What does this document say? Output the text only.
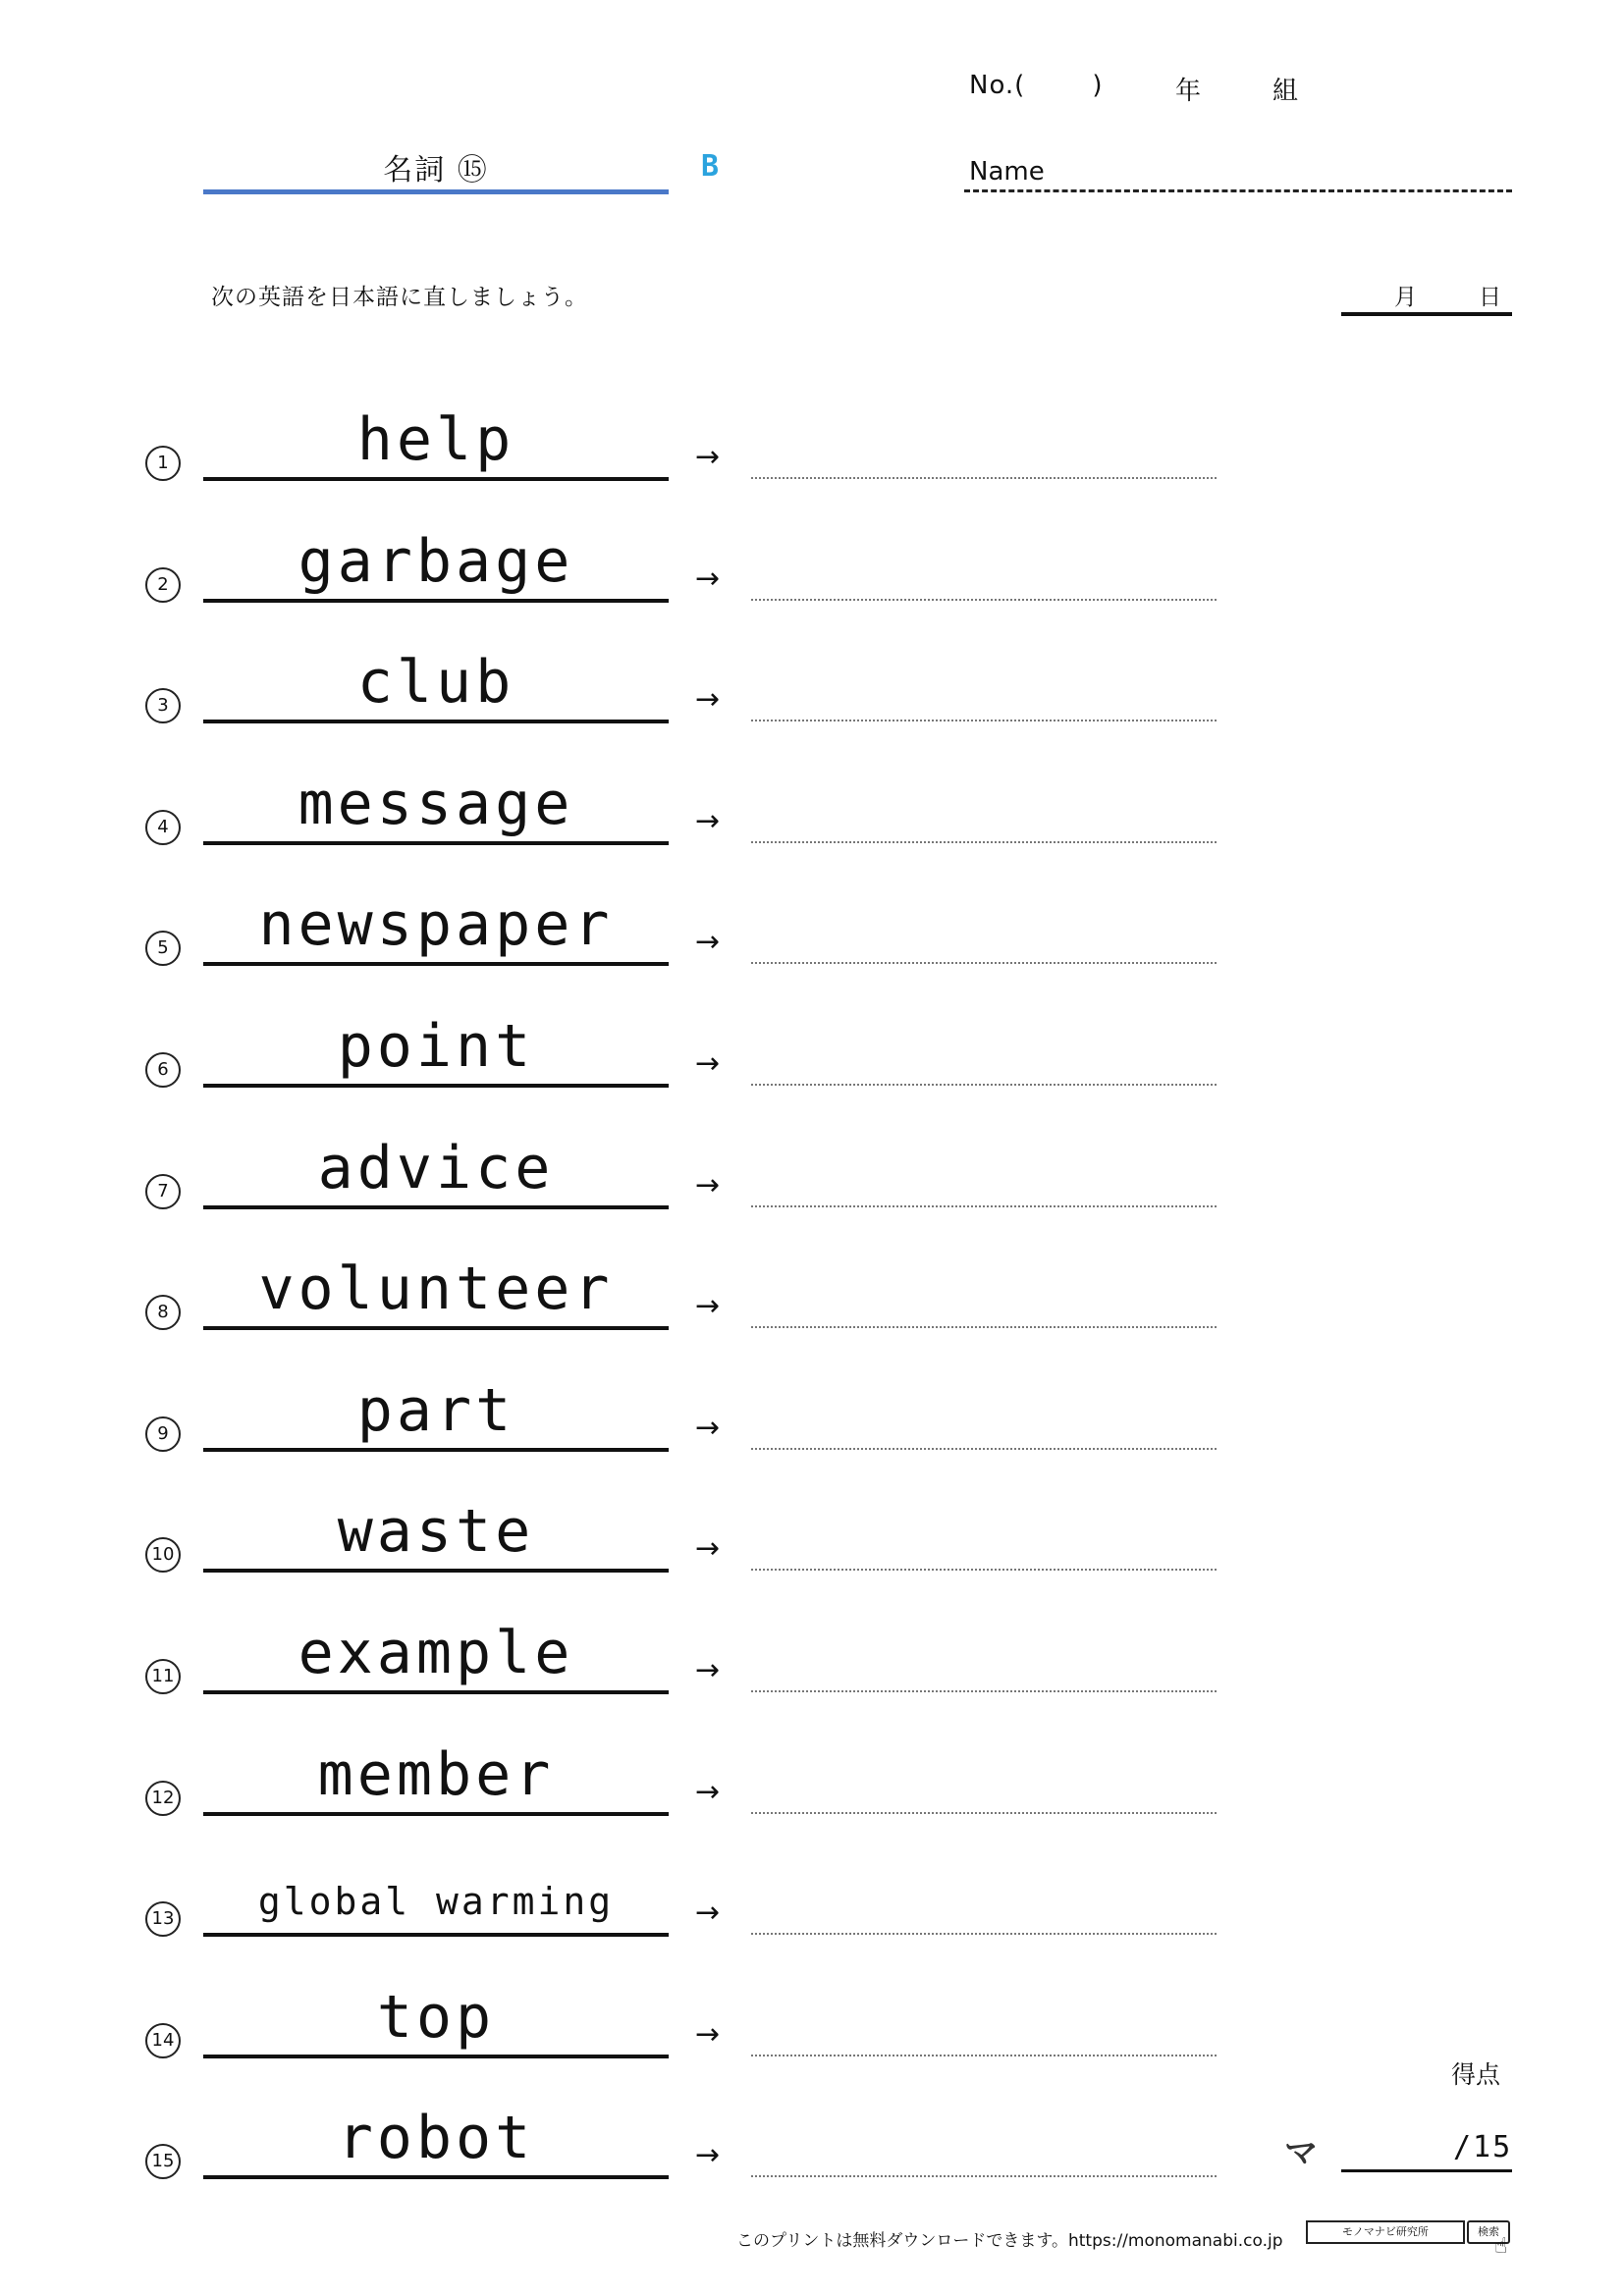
No.(	)	年	組
名詞 ⑮	B	Name
次の英語を日本語に直しましょう。	月	日
1	help	→
2	garbage	→
3	club	→
4	message	→
5	newspaper	→
6	point	→
7	advice	→
8	volunteer	→
9	part	→
10	waste	→
11	example	→
12	member	→
13	global warming	→
14	top	→
15	robot	→
得点
マ	/15
このプリントは無料ダウンロードできます。https://monomanabi.co.jp	モノマナビ研究所	検索
☝
